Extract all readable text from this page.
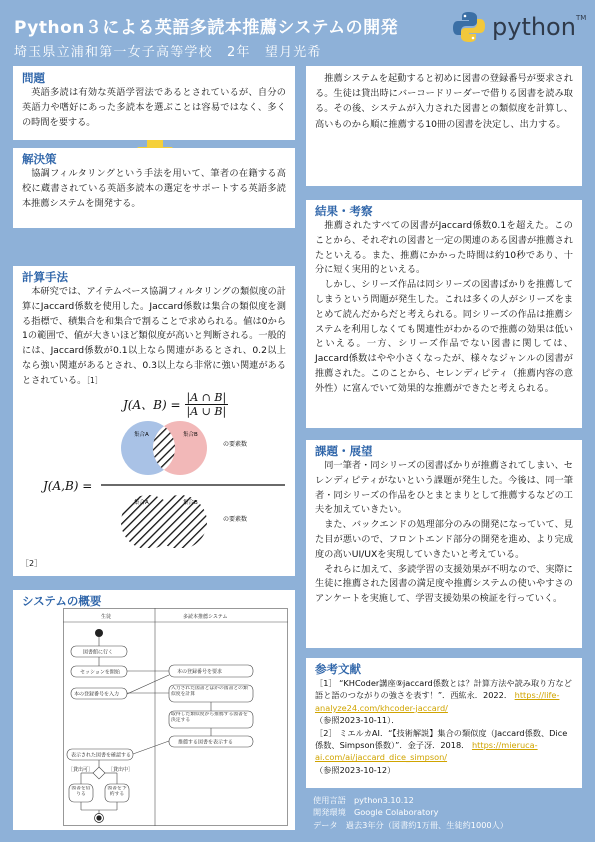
Python３による英語多読本推薦システムの開発
埼玉県立浦和第一女子高等学校　2年　望月光希
python TM
問題
英語多読は有効な英語学習法であるとされているが、自分の英語力や嗜好にあった多読本を選ぶことは容易ではなく、多くの時間を要する。
解決策
協調フィルタリングという手法を用いて、筆者の在籍する高校に蔵書されている英語多読本の選定をサポートする英語多読本推薦システムを開発する。
計算手法
本研究では、アイテムベース協調フィルタリングの類似度の計算にJaccard係数を使用した。Jaccard係数は集合の類似度を測る指標で、積集合を和集合で割ることで求められる。値は0から1の範囲で、値が大きいほど類似度が高いと判断される。一般的には、Jaccard係数が0.1以上なら関連があるとされ、0.2以上なら強い関連があるとされ、0.3以上なら非常に強い関連があるとされている。［1］
J(A、$B) = \frac{|A \cap B|}{|A \cup B|}$
集合A	集合B
の要素数
集合A	集合B
の要素数
J(A,B) =
［2］
システムの概要
生徒	多読本推薦システム
図書館に行く
セッションを開始	本の登録番号を要求
本の登録番号を入力
入力された図書とほかの図書との類似度を計算
取得した類似度から推薦する図書を決定する
推薦する図書を表示する
表示された図書を確認する
［貸出可］	［貸出中］
図書を借りる
図書を予約する
推薦システムを起動すると初めに図書の登録番号が要求される。生徒は貸出時にバーコードリーダーで借りる図書を読み取る。その後、システムが入力された図書との類似度を計算し、高いものから順に推薦する10冊の図書を決定し、出力する。
結果・考察
推薦されたすべての図書がJaccard係数0.1を超えた。このことから、それぞれの図書と一定の関連のある図書が推薦されたといえる。また、推薦にかかった時間は約10秒であり、十分に短く実用的といえる。
しかし、シリーズ作品は同シリーズの図書ばかりを推薦してしまうという問題が発生した。これは多くの人がシリーズをまとめて読んだからだと考えられる。同シリーズの作品は推薦システムを利用しなくても関連性がわかるので推薦の効果は低いといえる。一方、シリーズ作品でない図書に関しては、Jaccard係数はやや小さくなったが、様々なジャンルの図書が推薦された。このことから、セレンディピティ（推薦内容の意外性）に富んでいて効果的な推薦ができたと考えられる。
課題・展望
同一筆者・同シリーズの図書ばかりが推薦されてしまい、セレンディピティがないという課題が発生した。今後は、同一筆者・同シリーズの作品をひとまとまりとして推薦するなどの工夫を加えていきたい。
また、バックエンドの処理部分のみの開発になっていて、見た目が悪いので、フロントエンド部分の開発を進め、より完成度の高いUI/UXを実現していきたいと考えている。
それらに加えて、多読学習の支援効果が不明なので、実際に生徒に推薦された図書の満足度や推薦システムの使いやすさのアンケートを実施して、学習支援効果の検証を行っていく。
参考文献
［1］ “KHCoder講座⑨jaccard係数とは？計算方法や読み取り方など　語と語のつながりの強さを表す！”．西紘永．2022． https://life-analyze24.com/khcoder-jaccard/
（参照2023-10-11）．
［2］ ミエルカAI．“【技術解説】集合の類似度（Jaccard係数、Dice係数、Simpson係数）”．金子冴．2018． https://mieruca-ai.com/ai/jaccard_dice_simpson/
（参照2023-10-12）
使用言語　python3.10.12
開発環境　Google Colaboratory
データ　過去3年分（図書約1万冊、生徒約1000人）
